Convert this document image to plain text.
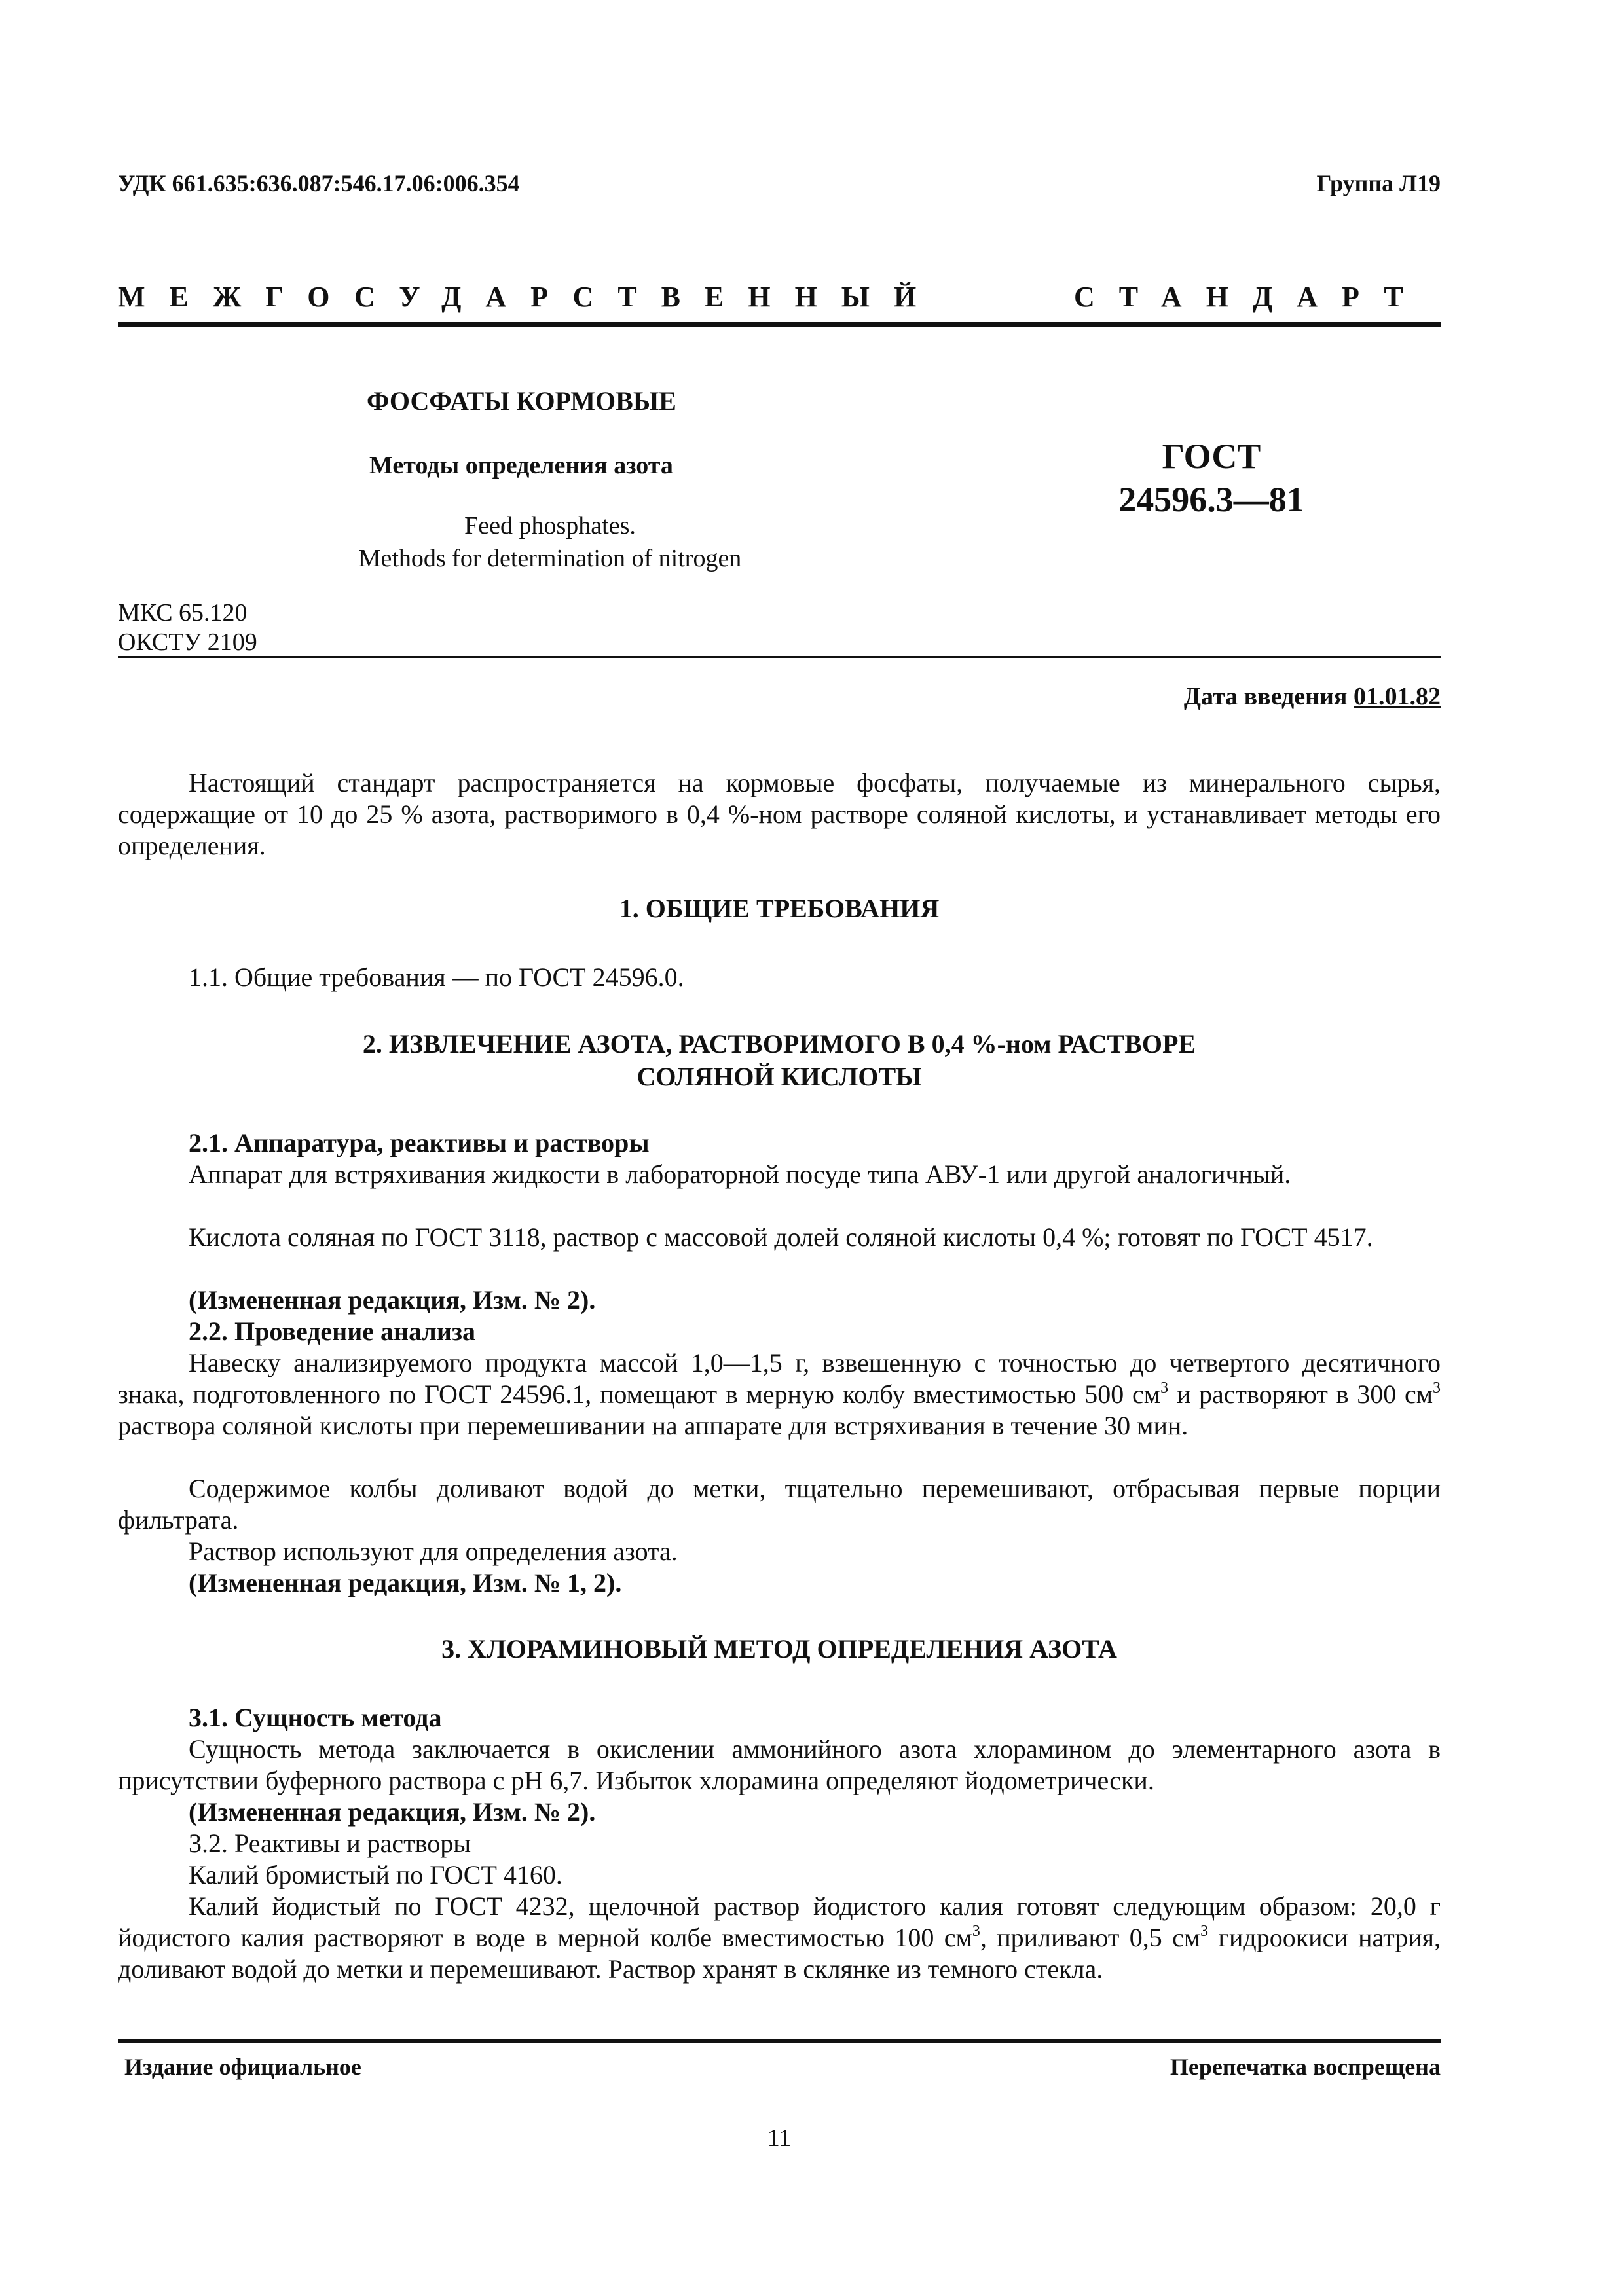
УДК 661.635:636.087:546.17.06:006.354	Группа Л19
МЕЖГОСУДАРСТВЕННЫЙ	СТАНДАРТ
ФОСФАТЫ КОРМОВЫЕ
Методы определения азота
Feed phosphates.
Methods for determination of nitrogen
ГОСТ
24596.3—81
МКС 65.120
ОКСТУ 2109
Дата введения 01.01.82

Настоящий стандарт распространяется на кормовые фосфаты, получаемые из минерального сырья, содержащие от 10 до 25 % азота, растворимого в 0,4 %-ном растворе соляной кислоты, и устанавливает методы его определения.

1. ОБЩИЕ ТРЕБОВАНИЯ

1.1. Общие требования — по ГОСТ 24596.0.

2. ИЗВЛЕЧЕНИЕ АЗОТА, РАСТВОРИМОГО В 0,4 %-ном РАСТВОРЕ

СОЛЯНОЙ КИСЛОТЫ

2.1. Аппаратура, реактивы и растворы

Аппарат для встряхивания жидкости в лабораторной посуде типа АВУ-1 или другой аналогичный.

Кислота соляная по ГОСТ 3118, раствор с массовой долей соляной кислоты 0,4 %; готовят по ГОСТ 4517.

(Измененная редакция, Изм. № 2).

2.2. Проведение анализа

Навеску анализируемого продукта массой 1,0—1,5 г, взвешенную с точностью до четвертого десятичного знака, подготовленного по ГОСТ 24596.1, помещают в мерную колбу вместимостью 500 $см^3$ и растворяют в 300 $см^3$ раствора соляной кислоты при перемешивании на аппарате для встряхивания в течение 30 мин.

Содержимое колбы доливают водой до метки, тщательно перемешивают, отбрасывая первые порции фильтрата.

Раствор используют для определения азота.

(Измененная редакция, Изм. № 1, 2).

3. ХЛОРАМИНОВЫЙ МЕТОД ОПРЕДЕЛЕНИЯ АЗОТА

3.1. Сущность метода

Сущность метода заключается в окислении аммонийного азота хлорамином до элементарного азота в присутствии буферного раствора с рН 6,7. Избыток хлорамина определяют йодометрически.

(Измененная редакция, Изм. № 2).

3.2. Реактивы и растворы

Калий бромистый по ГОСТ 4160.

Калий йодистый по ГОСТ 4232, щелочной раствор йодистого калия готовят следующим образом: 20,0 г йодистого калия растворяют в воде в мерной колбе вместимостью 100 $см^3$, приливают 0,5 $см^3$ гидроокиси натрия, доливают водой до метки и перемешивают. Раствор хранят в склянке из темного стекла.

Издание официальное	Перепечатка воспрещена
11
